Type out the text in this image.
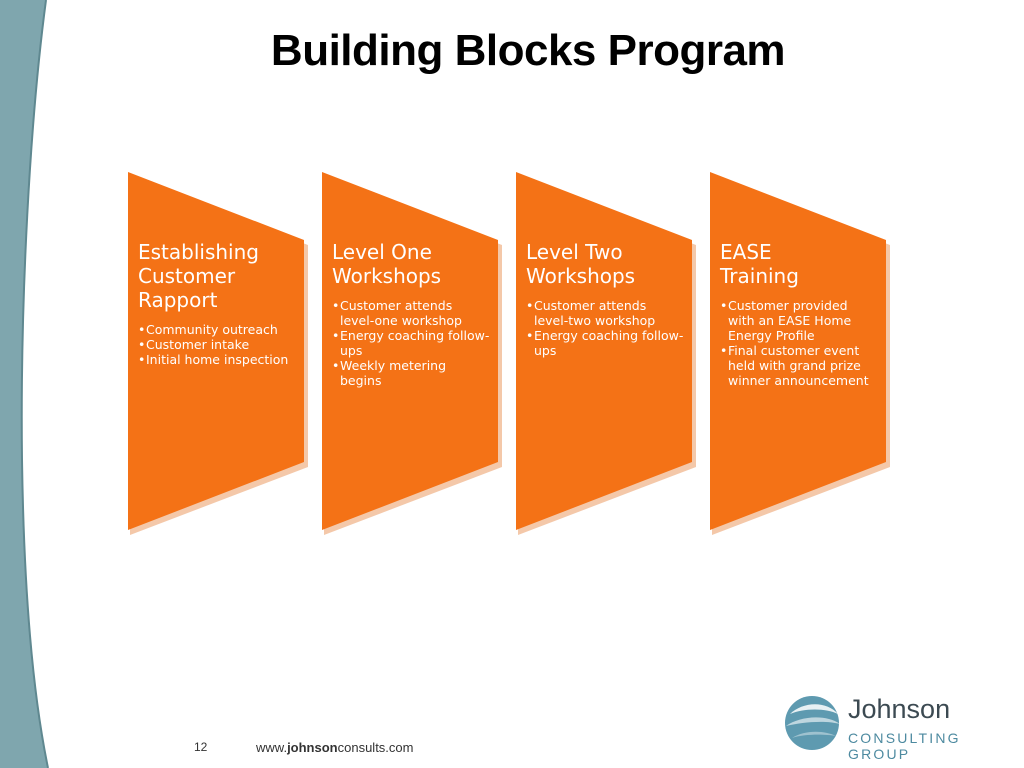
Building Blocks Program
Establishing
Customer
Rapport
•Community outreach
•Customer intake
•Initial home inspection
Level One
Workshops
•Customer attends level-one workshop
•Energy coaching follow-ups
•Weekly metering begins
Level Two
Workshops
•Customer attends level-two workshop
•Energy coaching follow-ups
EASE
Training
•Customer provided with an EASE Home Energy Profile
•Final customer event held with grand prize winner announcement
12	www.johnsonconsults.com
Johnson
CONSULTING GROUP
